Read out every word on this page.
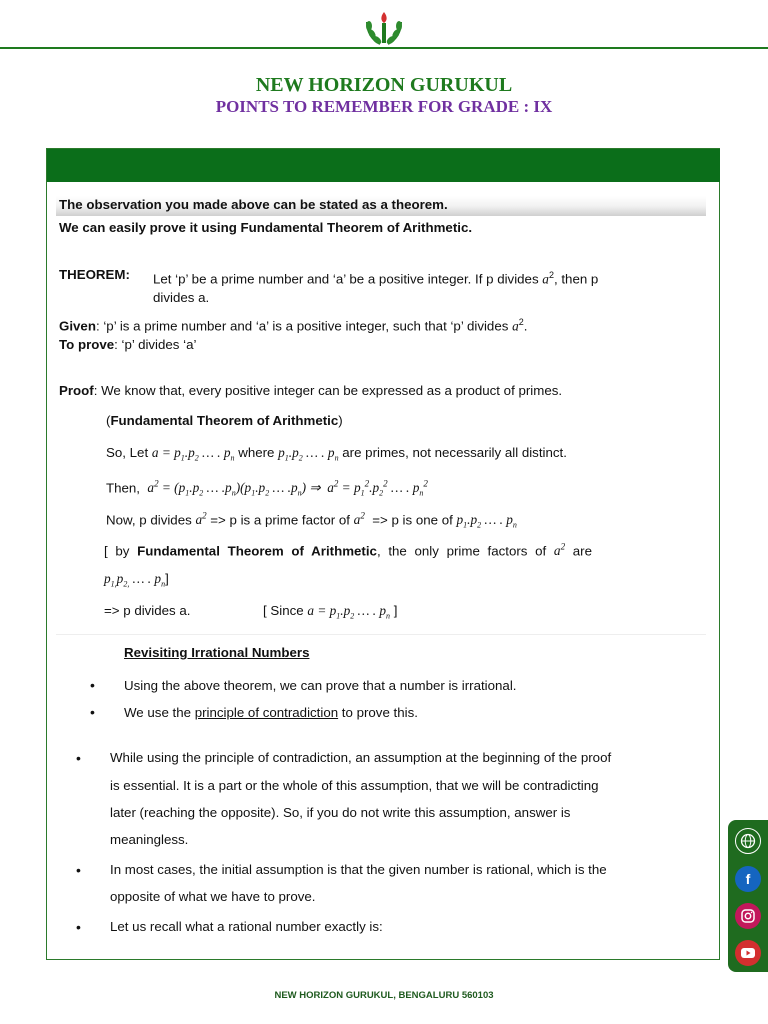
NEW HORIZON GURUKUL
POINTS TO REMEMBER FOR GRADE : IX
The observation you made above can be stated as a theorem.
We can easily prove it using Fundamental Theorem of Arithmetic.
THEOREM: Let ‘p’ be a prime number and ‘a’ be a positive integer. If p divides $a^2$, then p
divides a.
Given: ‘p’ is a prime number and ‘a’ is a positive integer, such that ‘p’ divides $a^2$.
To prove: ‘p’ divides ‘a’
Proof: We know that, every positive integer can be expressed as a product of primes.
(Fundamental Theorem of Arithmetic)
So, Let $a = p_1.p_2$ … . $p_n$ where $p_1.p_2$ … . $p_n$ are primes, not necessarily all distinct.
Then, $a^2 = (p_1.p_2$ … $.p_n)(p_1.p_2$ … $.p_n$) ⇒  $a^2 = p_1^2.p_2^2$ … . $p_n^2$
Now, p divides $a^2 => p$ is a prime factor of $a^2 => p$ is one of $p_1.p_2$ … . $p_n$
[ by Fundamental Theorem of Arithmetic, the only prime factors of $a^2$ are
$p_{1,}p_{2,}$ … . $p_n$]
=> p divides a.	[ Since $a = p_1.p_2$ … . $p_n$ ]
Revisiting Irrational Numbers
• Using the above theorem, we can prove that a number is irrational.
• We use the principle of contradiction to prove this.
• While using the principle of contradiction, an assumption at the beginning of the proof
is essential. It is a part or the whole of this assumption, that we will be contradicting
later (reaching the opposite). So, if you do not write this assumption, answer is
meaningless.
• In most cases, the initial assumption is that the given number is rational, which is the
opposite of what we have to prove.
• Let us recall what a rational number exactly is:
f
NEW HORIZON GURUKUL, BENGALURU 560103
